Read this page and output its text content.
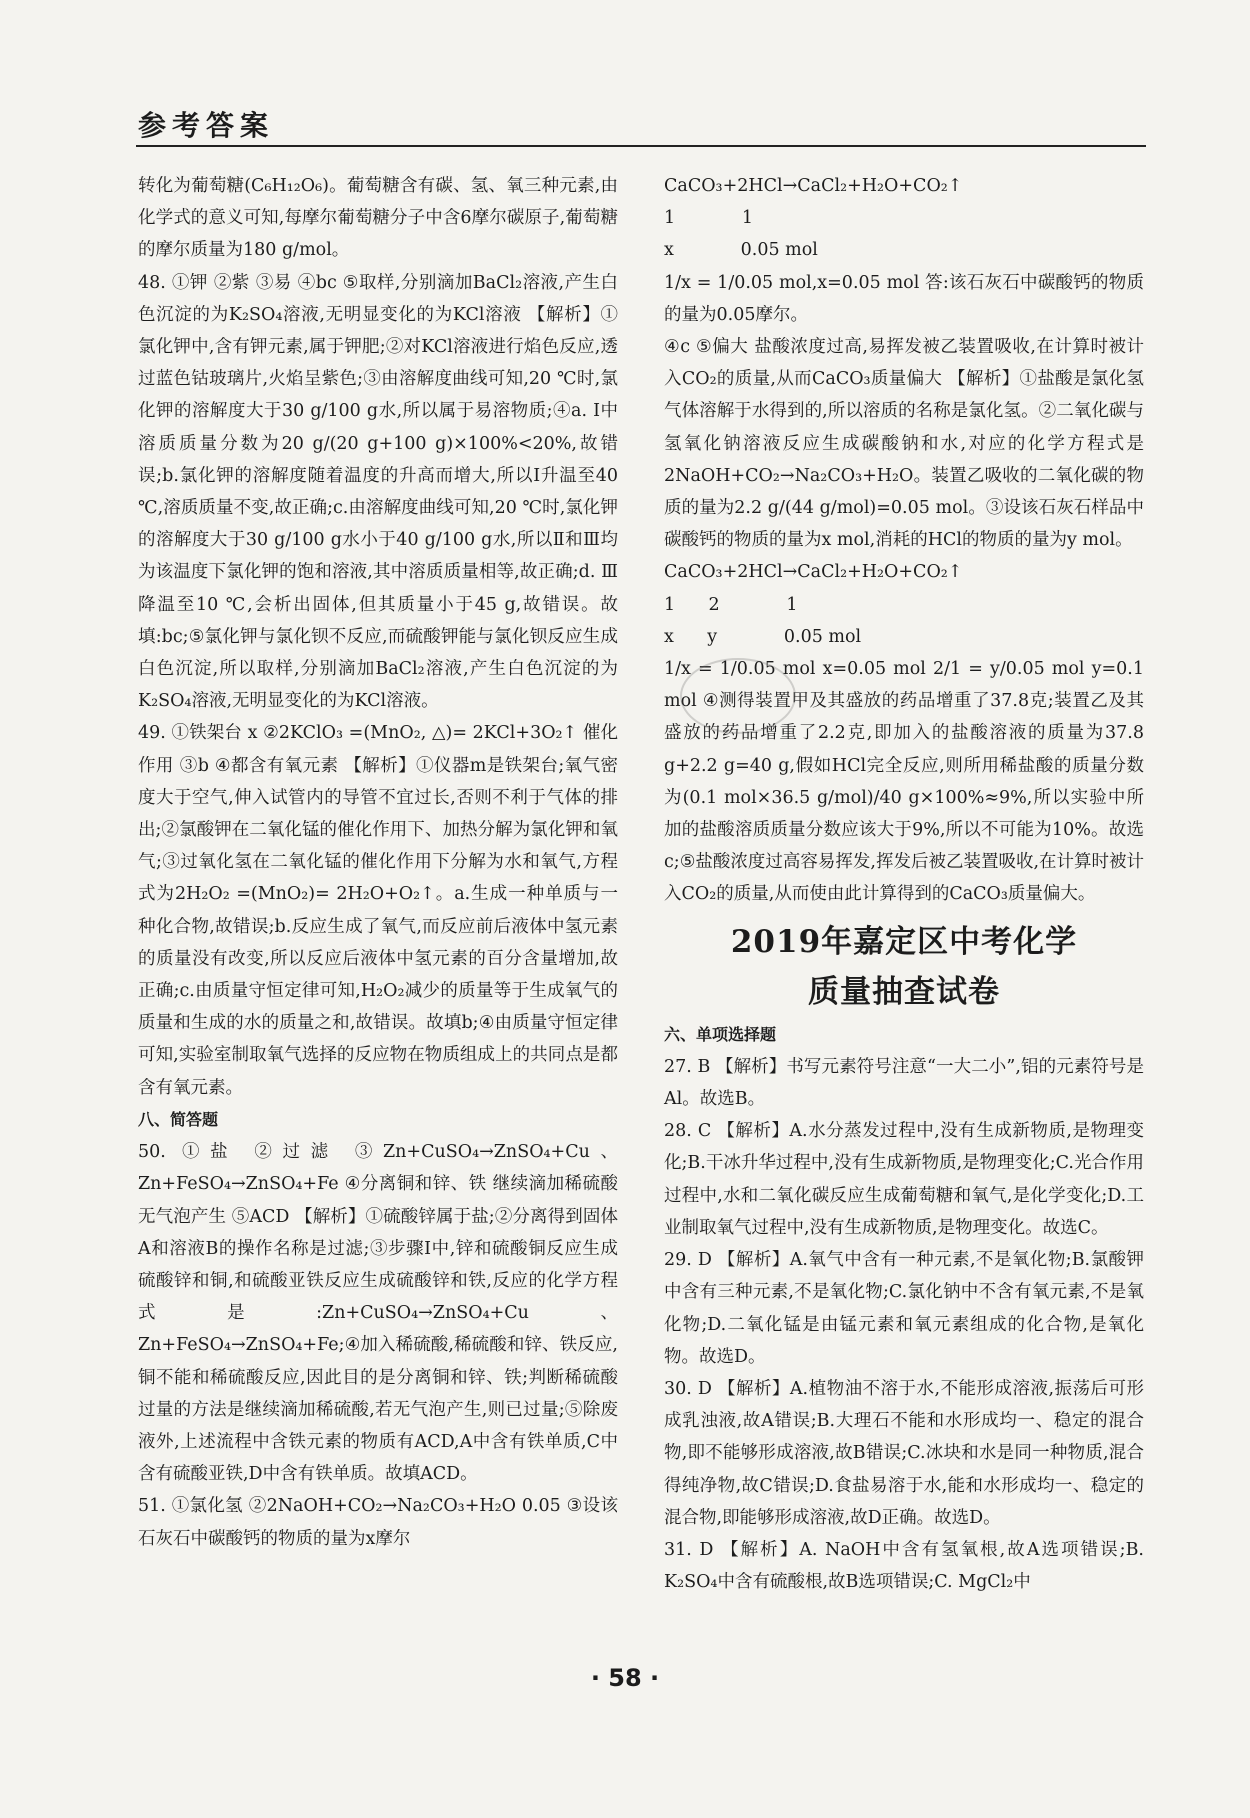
参考答案

转化为葡萄糖(C₆H₁₂O₆)。葡萄糖含有碳、氢、氧三种元素,由化学式的意义可知,每摩尔葡萄糖分子中含6摩尔碳原子,葡萄糖的摩尔质量为180 g/mol。

48. ①钾 ②紫 ③易 ④bc ⑤取样,分别滴加BaCl₂溶液,产生白色沉淀的为K₂SO₄溶液,无明显变化的为KCl溶液 【解析】①氯化钾中,含有钾元素,属于钾肥;②对KCl溶液进行焰色反应,透过蓝色钴玻璃片,火焰呈紫色;③由溶解度曲线可知,20 ℃时,氯化钾的溶解度大于30 g/100 g水,所以属于易溶物质;④a. Ⅰ中溶质质量分数为20 g/(20 g+100 g)×100%<20%,故错误;b.氯化钾的溶解度随着温度的升高而增大,所以Ⅰ升温至40 ℃,溶质质量不变,故正确;c.由溶解度曲线可知,20 ℃时,氯化钾的溶解度大于30 g/100 g水小于40 g/100 g水,所以Ⅱ和Ⅲ均为该温度下氯化钾的饱和溶液,其中溶质质量相等,故正确;d. Ⅲ降温至10 ℃,会析出固体,但其质量小于45 g,故错误。故填:bc;⑤氯化钾与氯化钡不反应,而硫酸钾能与氯化钡反应生成白色沉淀,所以取样,分别滴加BaCl₂溶液,产生白色沉淀的为K₂SO₄溶液,无明显变化的为KCl溶液。

49. ①铁架台 x ②2KClO₃ =(MnO₂, △)= 2KCl+3O₂↑ 催化作用 ③b ④都含有氧元素 【解析】①仪器m是铁架台;氧气密度大于空气,伸入试管内的导管不宜过长,否则不利于气体的排出;②氯酸钾在二氧化锰的催化作用下、加热分解为氯化钾和氧气;③过氧化氢在二氧化锰的催化作用下分解为水和氧气,方程式为2H₂O₂ =(MnO₂)= 2H₂O+O₂↑。a.生成一种单质与一种化合物,故错误;b.反应生成了氧气,而反应前后液体中氢元素的质量没有改变,所以反应后液体中氢元素的百分含量增加,故正确;c.由质量守恒定律可知,H₂O₂减少的质量等于生成氧气的质量和生成的水的质量之和,故错误。故填b;④由质量守恒定律可知,实验室制取氧气选择的反应物在物质组成上的共同点是都含有氧元素。

八、简答题

50. ①盐 ②过滤 ③Zn+CuSO₄→ZnSO₄+Cu、Zn+FeSO₄→ZnSO₄+Fe ④分离铜和锌、铁 继续滴加稀硫酸无气泡产生 ⑤ACD 【解析】①硫酸锌属于盐;②分离得到固体A和溶液B的操作名称是过滤;③步骤Ⅰ中,锌和硫酸铜反应生成硫酸锌和铜,和硫酸亚铁反应生成硫酸锌和铁,反应的化学方程式是:Zn+CuSO₄→ZnSO₄+Cu、Zn+FeSO₄→ZnSO₄+Fe;④加入稀硫酸,稀硫酸和锌、铁反应,铜不能和稀硫酸反应,因此目的是分离铜和锌、铁;判断稀硫酸过量的方法是继续滴加稀硫酸,若无气泡产生,则已过量;⑤除废液外,上述流程中含铁元素的物质有ACD,A中含有铁单质,C中含有硫酸亚铁,D中含有铁单质。故填ACD。

51. ①氯化氢 ②2NaOH+CO₂→Na₂CO₃+H₂O 0.05 ③设该石灰石中碳酸钙的物质的量为x摩尔

CaCO₃+2HCl→CaCl₂+H₂O+CO₂↑

1            1

x            0.05 mol

1/x = 1/0.05 mol,x=0.05 mol 答:该石灰石中碳酸钙的物质的量为0.05摩尔。

④c ⑤偏大 盐酸浓度过高,易挥发被乙装置吸收,在计算时被计入CO₂的质量,从而CaCO₃质量偏大 【解析】①盐酸是氯化氢气体溶解于水得到的,所以溶质的名称是氯化氢。②二氧化碳与氢氧化钠溶液反应生成碳酸钠和水,对应的化学方程式是2NaOH+CO₂→Na₂CO₃+H₂O。装置乙吸收的二氧化碳的物质的量为2.2 g/(44 g/mol)=0.05 mol。③设该石灰石样品中碳酸钙的物质的量为x mol,消耗的HCl的物质的量为y mol。

CaCO₃+2HCl→CaCl₂+H₂O+CO₂↑

1      2            1

x      y            0.05 mol

1/x = 1/0.05 mol x=0.05 mol 2/1 = y/0.05 mol y=0.1 mol ④测得装置甲及其盛放的药品增重了37.8克;装置乙及其盛放的药品增重了2.2克,即加入的盐酸溶液的质量为37.8 g+2.2 g=40 g,假如HCl完全反应,则所用稀盐酸的质量分数为(0.1 mol×36.5 g/mol)/40 g×100%≈9%,所以实验中所加的盐酸溶质质量分数应该大于9%,所以不可能为10%。故选c;⑤盐酸浓度过高容易挥发,挥发后被乙装置吸收,在计算时被计入CO₂的质量,从而使由此计算得到的CaCO₃质量偏大。

2019年嘉定区中考化学
质量抽查试卷

六、单项选择题

27. B 【解析】书写元素符号注意“一大二小”,铝的元素符号是Al。故选B。

28. C 【解析】A.水分蒸发过程中,没有生成新物质,是物理变化;B.干冰升华过程中,没有生成新物质,是物理变化;C.光合作用过程中,水和二氧化碳反应生成葡萄糖和氧气,是化学变化;D.工业制取氧气过程中,没有生成新物质,是物理变化。故选C。

29. D 【解析】A.氧气中含有一种元素,不是氧化物;B.氯酸钾中含有三种元素,不是氧化物;C.氯化钠中不含有氧元素,不是氧化物;D.二氧化锰是由锰元素和氧元素组成的化合物,是氧化物。故选D。

30. D 【解析】A.植物油不溶于水,不能形成溶液,振荡后可形成乳浊液,故A错误;B.大理石不能和水形成均一、稳定的混合物,即不能够形成溶液,故B错误;C.冰块和水是同一种物质,混合得纯净物,故C错误;D.食盐易溶于水,能和水形成均一、稳定的混合物,即能够形成溶液,故D正确。故选D。

31. D 【解析】A. NaOH中含有氢氧根,故A选项错误;B. K₂SO₄中含有硫酸根,故B选项错误;C. MgCl₂中

· 58 ·
